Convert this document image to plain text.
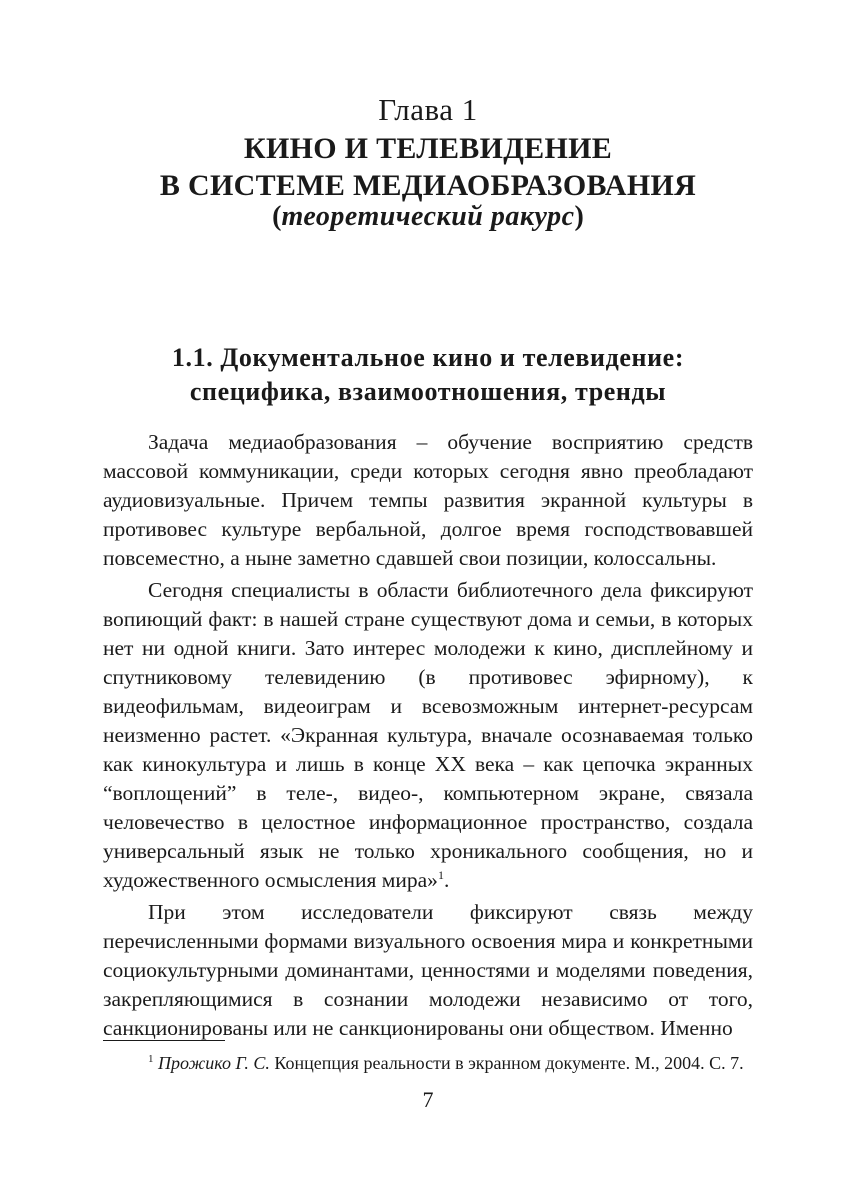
Глава 1
КИНО И ТЕЛЕВИДЕНИЕ
В СИСТЕМЕ МЕДИАОБРАЗОВАНИЯ
(теоретический ракурс)
1.1. Документальное кино и телевидение:
специфика, взаимоотношения, тренды

Задача медиаобразования – обучение восприятию средств массовой коммуникации, среди которых сегодня явно преобладают аудиовизуальные. Причем темпы развития экранной культуры в противовес культуре вербальной, долгое время господствовавшей повсеместно, а ныне заметно сдавшей свои позиции, колоссальны.

Сегодня специалисты в области библиотечного дела фиксируют вопиющий факт: в нашей стране существуют дома и семьи, в которых нет ни одной книги. Зато интерес молодежи к кино, дисплейному и спутниковому телевидению (в противовес эфирному), к видеофильмам, видеоиграм и всевозможным интернет-ресурсам неизменно растет. «Экранная культура, вначале осознаваемая только как кинокультура и лишь в конце XX века – как цепочка экранных “воплощений” в теле-, видео-, компьютерном экране, связала человечество в целостное информационное пространство, создала универсальный язык не только хроникального сообщения, но и художественного осмысления мира»$^1$.

При этом исследователи фиксируют связь между перечисленными формами визуального освоения мира и конкретными социокультурными доминантами, ценностями и моделями поведения, закрепляющимися в сознании молодежи независимо от того, санкционированы или не санкционированы они обществом. Именно

$^1$ Прожико Г. С. Концепция реальности в экранном документе. М., 2004. С. 7.
7
